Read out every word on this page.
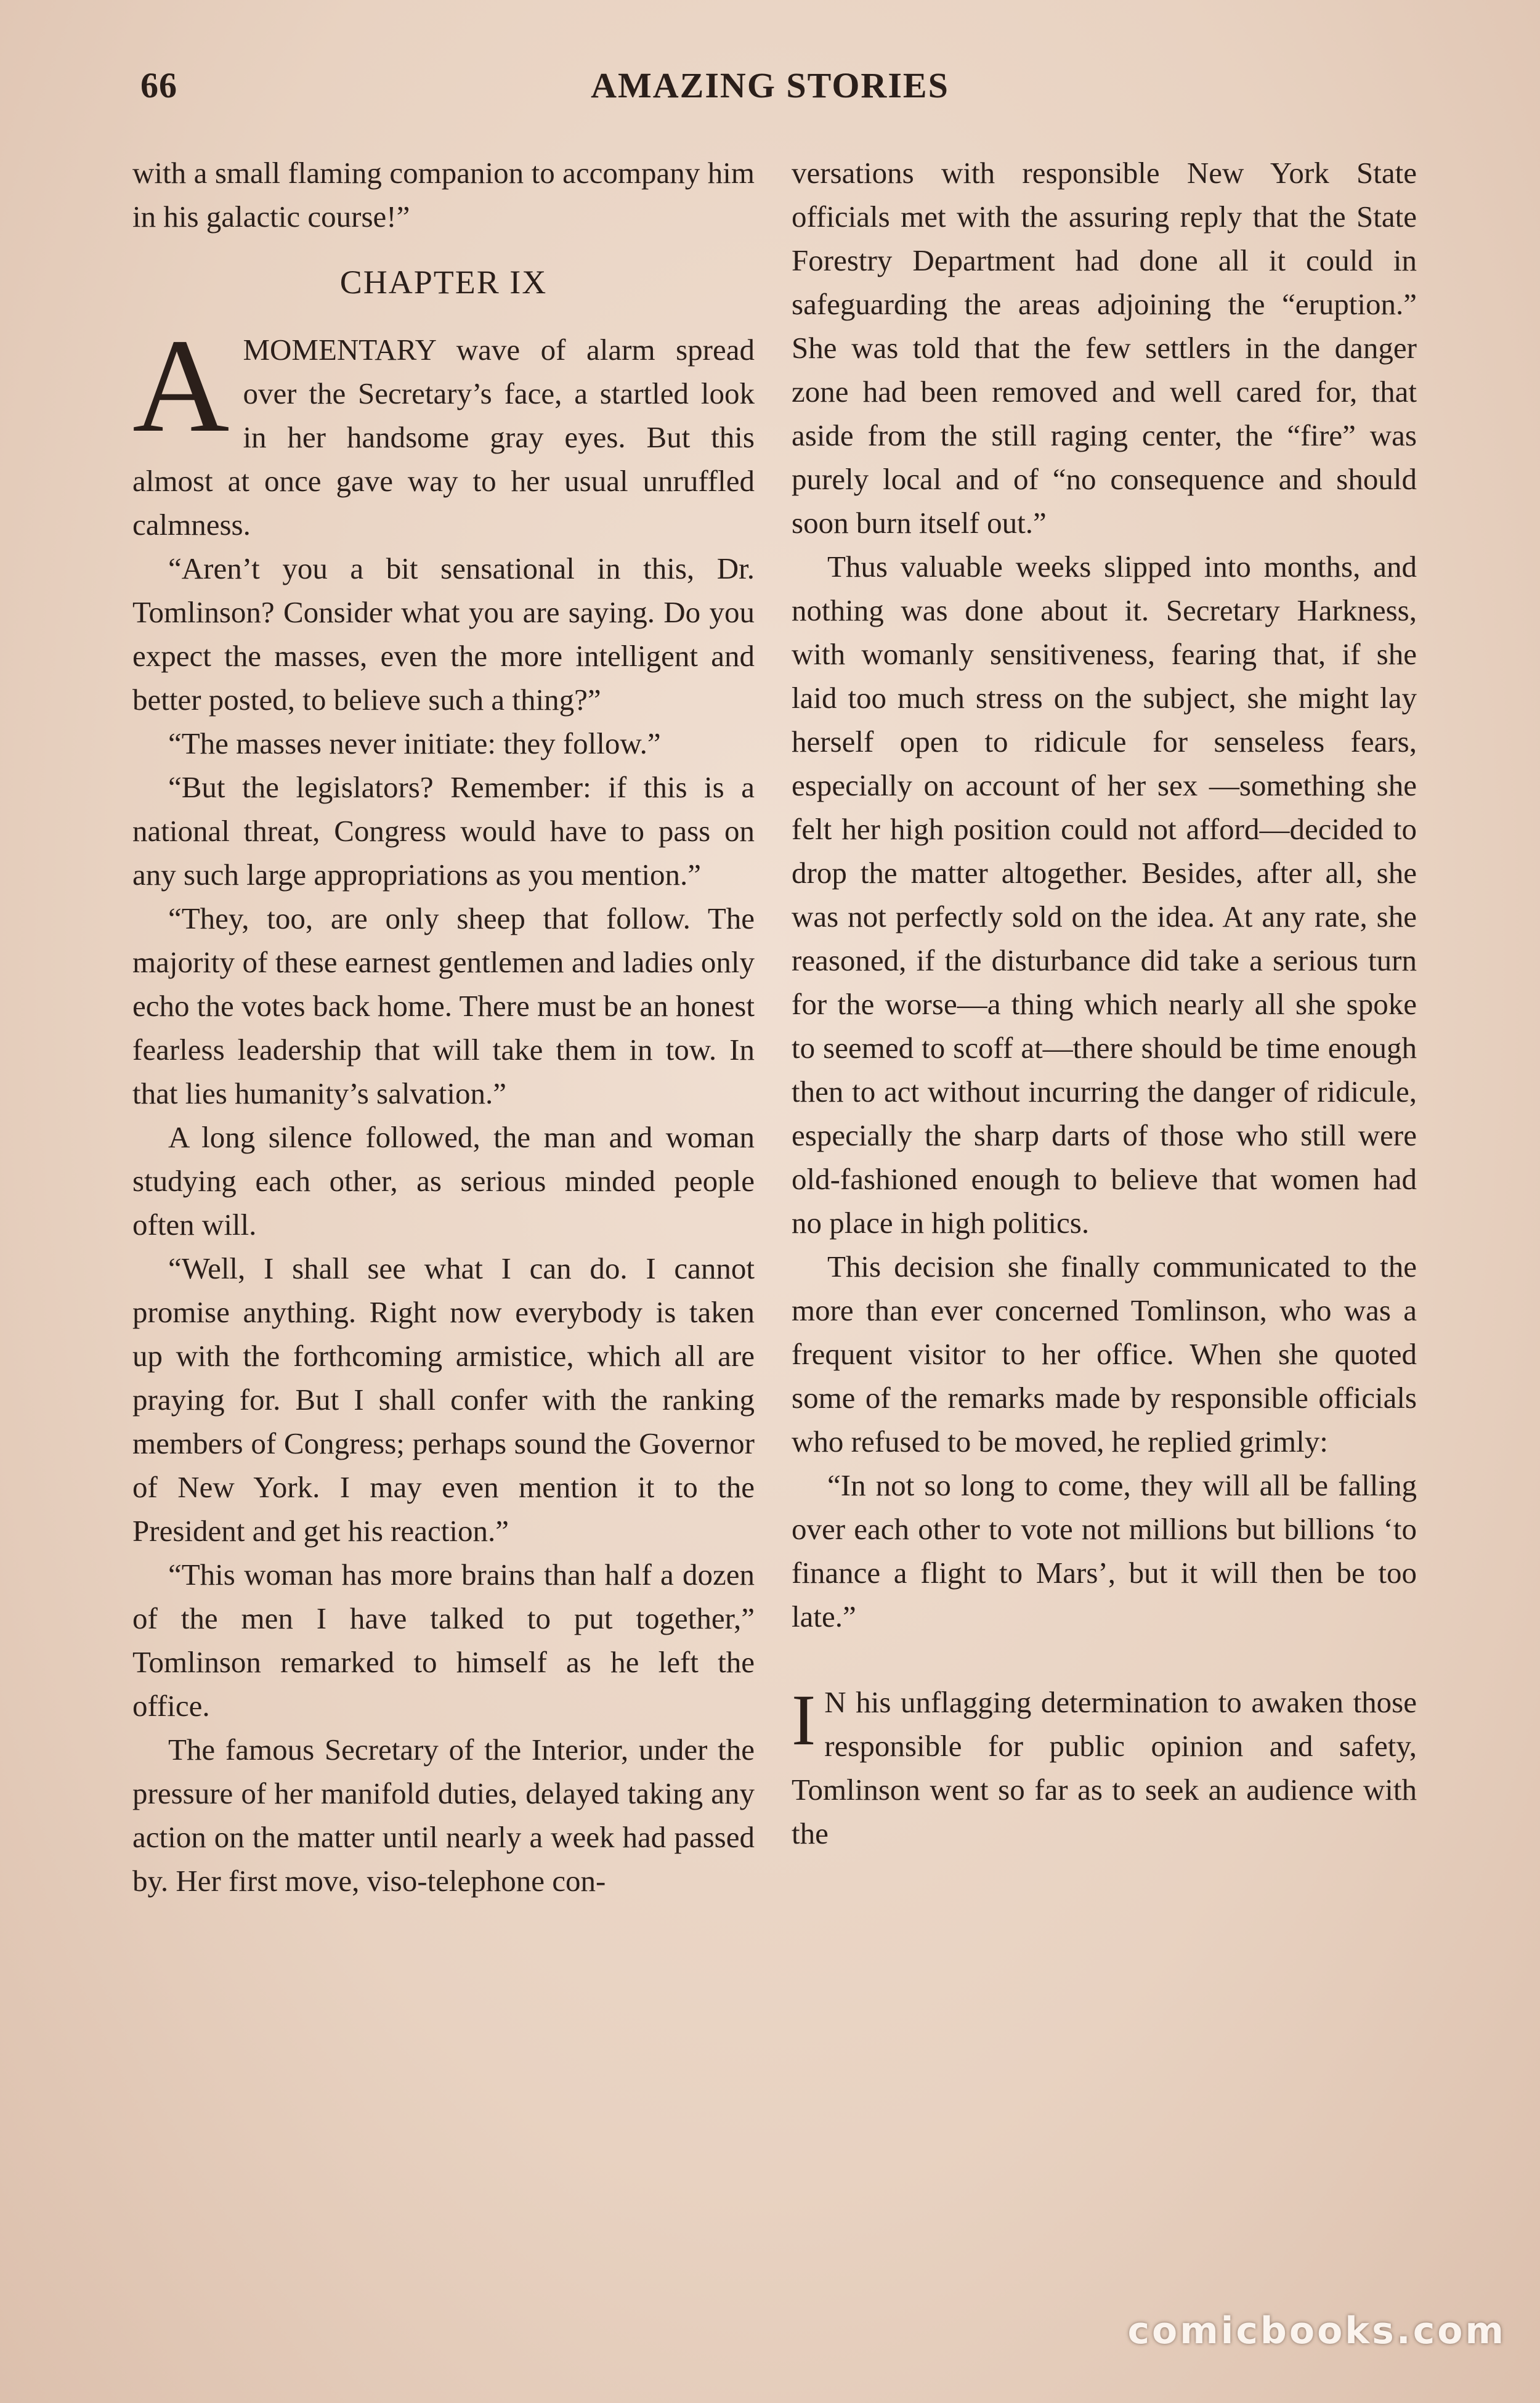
66	AMAZING STORIES

with a small flaming companion to accompany him in his galactic course!”

CHAPTER IX

AMOMENTARY wave of alarm spread over the Secretary’s face, a startled look in her handsome gray eyes. But this almost at once gave way to her usual unruffled calmness.

“Aren’t you a bit sensational in this, Dr. Tomlinson? Consider what you are saying. Do you expect the masses, even the more intelligent and better posted, to believe such a thing?”

“The masses never initiate: they follow.”

“But the legislators? Remember: if this is a national threat, Congress would have to pass on any such large appropriations as you mention.”

“They, too, are only sheep that follow. The majority of these earnest gentlemen and ladies only echo the votes back home. There must be an honest fearless leadership that will take them in tow. In that lies humanity’s salvation.”

A long silence followed, the man and woman studying each other, as serious minded people often will.

“Well, I shall see what I can do. I cannot promise anything. Right now everybody is taken up with the forthcoming armistice, which all are praying for. But I shall confer with the ranking members of Congress; perhaps sound the Governor of New York. I may even mention it to the President and get his reaction.”

“This woman has more brains than half a dozen of the men I have talked to put together,” Tomlinson remarked to himself as he left the office.

The famous Secretary of the Interior, under the pressure of her manifold duties, delayed taking any action on the matter until nearly a week had passed by. Her first move, viso-telephone con-

versations with responsible New York State officials met with the assuring reply that the State Forestry Department had done all it could in safeguarding the areas adjoining the “eruption.” She was told that the few settlers in the danger zone had been removed and well cared for, that aside from the still raging center, the “fire” was purely local and of “no consequence and should soon burn itself out.”

Thus valuable weeks slipped into months, and nothing was done about it. Secretary Harkness, with womanly sensitiveness, fearing that, if she laid too much stress on the subject, she might lay herself open to ridicule for senseless fears, especially on account of her sex —something she felt her high position could not afford—decided to drop the matter altogether. Besides, after all, she was not perfectly sold on the idea. At any rate, she reasoned, if the disturbance did take a serious turn for the worse—a thing which nearly all she spoke to seemed to scoff at—there should be time enough then to act without incurring the danger of ridicule, especially the sharp darts of those who still were old-fashioned enough to believe that women had no place in high politics.

This decision she finally communicated to the more than ever concerned Tomlinson, who was a frequent visitor to her office. When she quoted some of the remarks made by responsible officials who refused to be moved, he replied grimly:

“In not so long to come, they will all be falling over each other to vote not millions but billions ‘to finance a flight to Mars’, but it will then be too late.”

I N his unflagging determination to awaken those responsible for public opinion and safety, Tomlinson went so far as to seek an audience with the

comicbooks.com
